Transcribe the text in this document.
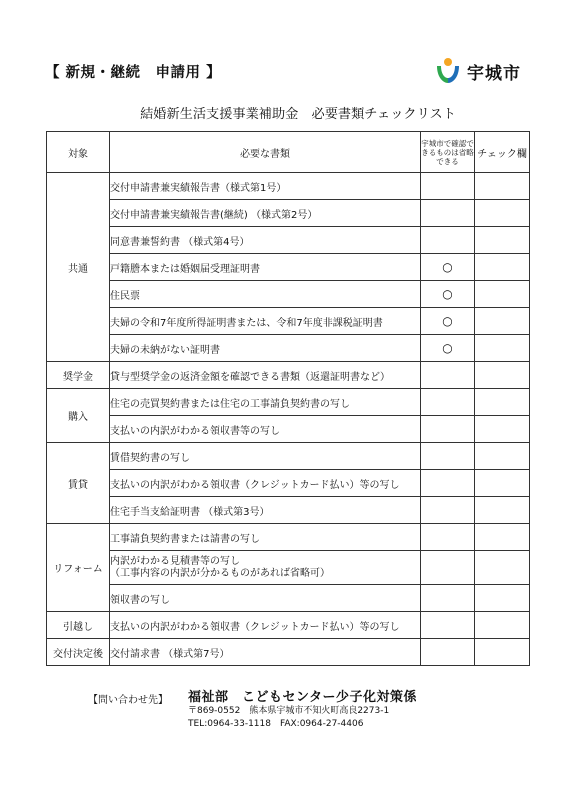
【 新規・継続　申請用 】	宇城市
結婚新生活支援事業補助金　必要書類チェックリスト
対象	必要な書類	宇城市で確認できるものは省略できる	チェック欄
共通	交付申請書兼実績報告書（様式第1号）		
	交付申請書兼実績報告書(継続) （様式第2号）		
	同意書兼誓約書 （様式第4号）		
	戸籍謄本または婚姻届受理証明書	○	
	住民票	○	
	夫婦の令和7年度所得証明書または、令和7年度非課税証明書	○	
	夫婦の未納がない証明書	○	
奨学金	貸与型奨学金の返済金額を確認できる書類（返還証明書など）		
購入	住宅の売買契約書または住宅の工事請負契約書の写し		
	支払いの内訳がわかる領収書等の写し		
賃貸	賃借契約書の写し		
	支払いの内訳がわかる領収書（クレジットカード払い）等の写し		
	住宅手当支給証明書 （様式第3号）		
リフォーム	工事請負契約書または請書の写し		

	内訳がわかる見積書等の写し
（工事内容の内訳が分かるものがあれば省略可）		

	領収書の写し		
引越し	支払いの内訳がわかる領収書（クレジットカード払い）等の写し		
交付決定後	交付請求書 （様式第7号）		
【問い合わせ先】 福祉部　こどもセンター少子化対策係
〒869-0552　熊本県宇城市不知火町高良2273-1
TEL:0964-33-1118　FAX:0964-27-4406
